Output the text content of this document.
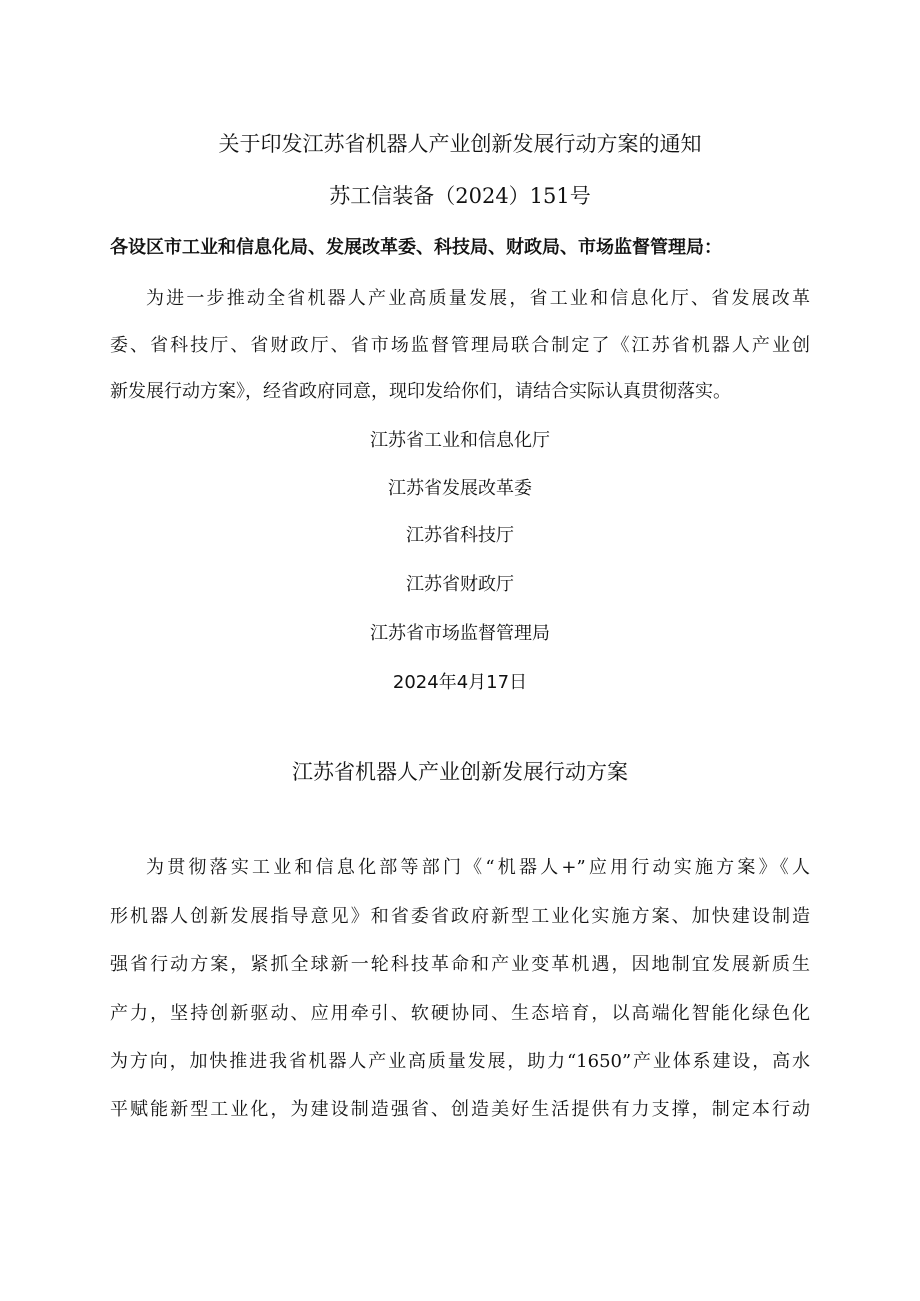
关于印发江苏省机器人产业创新发展行动方案的通知

苏工信装备（2024）151号

各设区市工业和信息化局、发展改革委、科技局、财政局、市场监督管理局：

为进一步推动全省机器人产业高质量发展，省工业和信息化厅、省发展改革

委、省科技厅、省财政厅、省市场监督管理局联合制定了《江苏省机器人产业创

新发展行动方案》，经省政府同意，现印发给你们，请结合实际认真贯彻落实。

江苏省工业和信息化厅

江苏省发展改革委

江苏省科技厅

江苏省财政厅

江苏省市场监督管理局

2024年4月17日

江苏省机器人产业创新发展行动方案

为贯彻落实工业和信息化部等部门《“机器人+”应用行动实施方案》《人

形机器人创新发展指导意见》和省委省政府新型工业化实施方案、加快建设制造

强省行动方案，紧抓全球新一轮科技革命和产业变革机遇，因地制宜发展新质生

产力，坚持创新驱动、应用牵引、软硬协同、生态培育，以高端化智能化绿色化

为方向，加快推进我省机器人产业高质量发展，助力“1650”产业体系建设，高水

平赋能新型工业化，为建设制造强省、创造美好生活提供有力支撑，制定本行动
